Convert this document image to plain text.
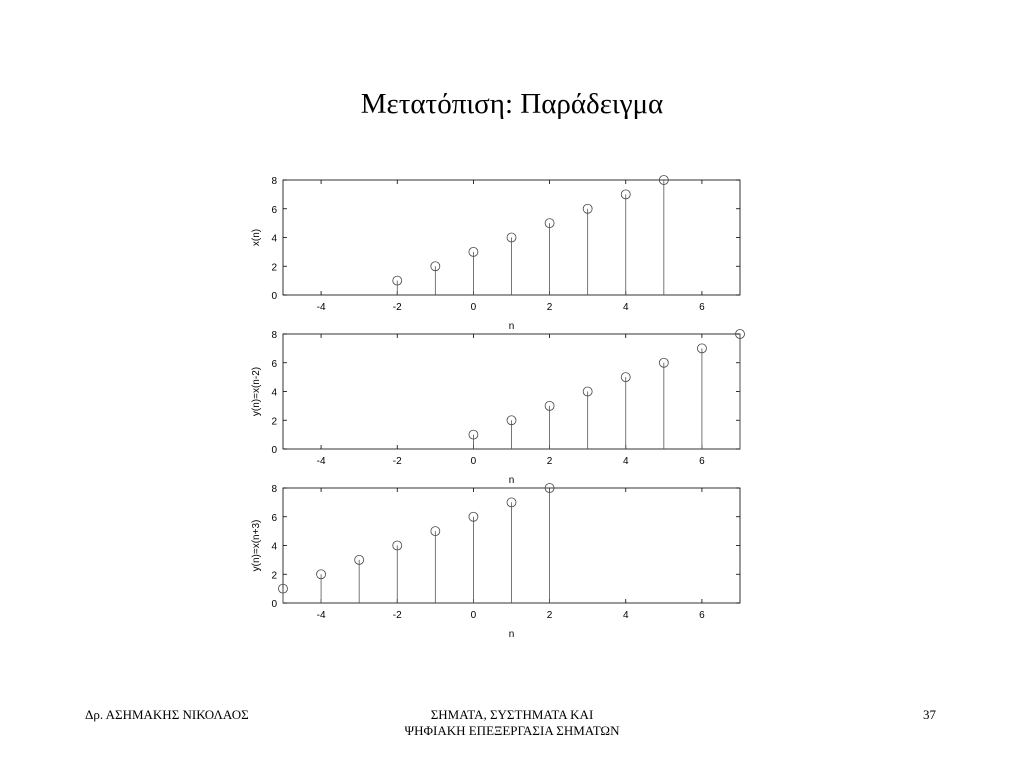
Μετατόπιση: Παράδειγμα
-4	-2	0	2	4	6
0
2
4
6
8
n
x(n)
-4	-2	0	2	4	6
0
2
4
6
8
n
y(n)=x(n-2)
-4	-2	0	2	4	6
0
2
4
6
8
n
y(n)=x(n+3)
Δρ. ΑΣΗΜΑΚΗΣ ΝΙΚΟΛΑΟΣ	ΣΗΜΑΤΑ, ΣΥΣΤΗΜΑΤΑ ΚΑΙ
ΨΗΦΙΑΚΗ ΕΠΕΞΕΡΓΑΣΙΑ ΣΗΜΑΤΩΝ
37
